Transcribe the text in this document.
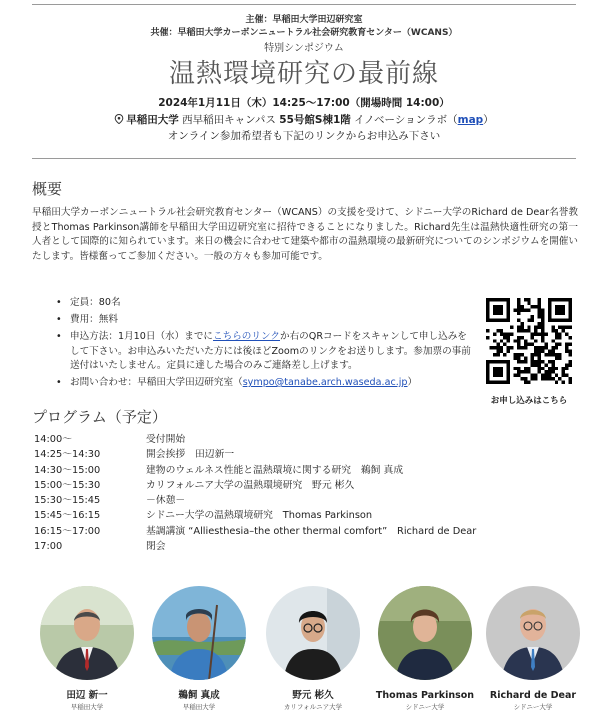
主催：早稲田大学田辺研究室
共催：早稲田大学カーボンニュートラル社会研究教育センター（WCANS）
特別シンポジウム
温熱環境研究の最前線
2024年1月11日（木）14:25～17:00（開場時間 14:00）
早稲田大学 西早稲田キャンパス 55号館S棟1階 イノベーションラボ（map）
オンライン参加希望者も下記のリンクからお申込み下さい
概要
早稲田大学カーボンニュートラル社会研究教育センター（WCANS）の支援を受けて、シドニー大学のRichard de Dear名誉教授とThomas Parkinson講師を早稲田大学田辺研究室に招待できることになりました。Richard先生は温熱快適性研究の第一人者として国際的に知られています。来日の機会に合わせて建築や都市の温熱環境の最新研究についてのシンポジウムを開催いたします。皆様奮ってご参加ください。一般の方々も参加可能です。
• 定員：80名
• 費用：無料
• 申込方法：1月10日（水）までにこちらのリンクか右のQRコードをスキャンして申し込みをして下さい。お申込みいただいた方には後ほどZoomのリンクをお送りします。参加票の事前送付はいたしません。定員に達した場合のみご連絡差し上げます。
• お問い合わせ：早稲田大学田辺研究室（sympo@tanabe.arch.waseda.ac.jp）
お申し込みはこちら
プログラム（予定）
14:00～	受付開始
14:25～14:30	開会挨拶　田辺新一
14:30～15:00	建物のウェルネス性能と温熱環境に関する研究　鵜飼 真成
15:00～15:30	カリフォルニア大学の温熱環境研究　野元 彬久
15:30～15:45	－休憩－
15:45～16:15	シドニー大学の温熱環境研究　Thomas Parkinson
16:15～17:00	基調講演 “Alliesthesia–the other thermal comfort”　Richard de Dear
17:00	閉会
田辺 新一
早稲田大学
鵜飼 真成
早稲田大学
野元 彬久
カリフォルニア大学
Thomas Parkinson
シドニー大学
Richard de Dear
シドニー大学
